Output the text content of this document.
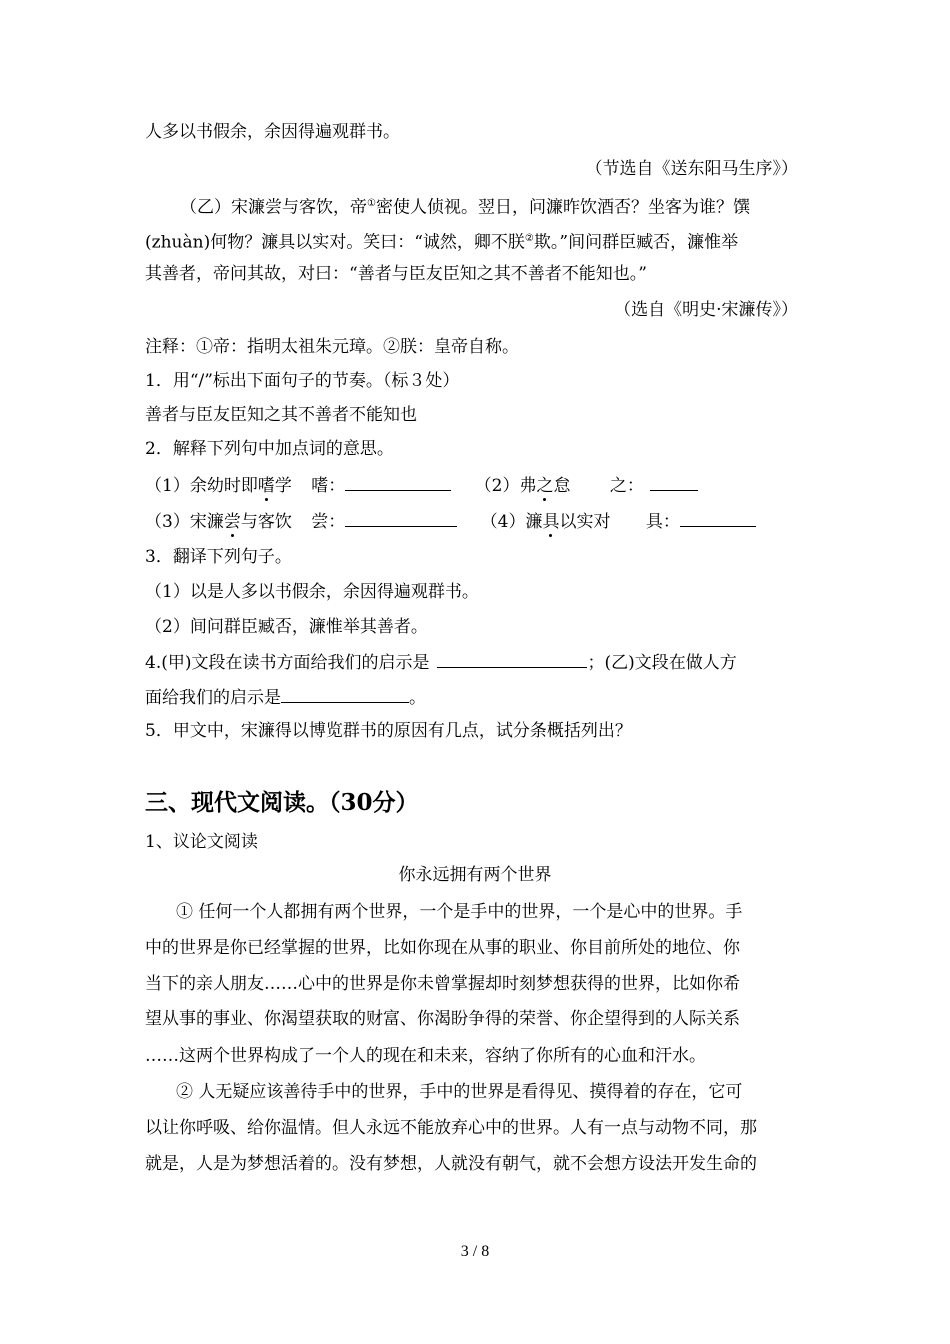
人多以书假余，余因得遍观群书。
（节选自《送东阳马生序》）
（乙）宋濂尝与客饮，帝①密使人侦视。翌日，问濂昨饮酒否？坐客为谁？馔
(zhuàn)何物？濂具以实对。笑曰：“诚然，卿不朕②欺。”间问群臣臧否，濂惟举
其善者，帝问其故，对曰：“善者与臣友臣知之其不善者不能知也。”
（选自《明史·宋濂传》）
注释：①帝：指明太祖朱元璋。②朕：皇帝自称。
1．用“/”标出下面句子的节奏。（标３处）
善者与臣友臣知之其不善者不能知也
2．解释下列句中加点词的意思。
（1）余幼时即嗜学 嗜：	（2）弗之怠 之：
（3）宋濂尝与客饮 尝：	（4）濂具以实对 具：
3．翻译下列句子。
（1）以是人多以书假余，余因得遍观群书。
（2）间问群臣臧否，濂惟举其善者。
4.(甲)文段在读书方面给我们的启示是	；(乙)文段在做人方
面给我们的启示是	。
5．甲文中，宋濂得以博览群书的原因有几点，试分条概括列出？
三、现代文阅读。（30分）
1、议论文阅读
你永远拥有两个世界
① 任何一个人都拥有两个世界，一个是手中的世界，一个是心中的世界。手
中的世界是你已经掌握的世界，比如你现在从事的职业、你目前所处的地位、你
当下的亲人朋友……心中的世界是你未曾掌握却时刻梦想获得的世界，比如你希
望从事的事业、你渴望获取的财富、你渴盼争得的荣誉、你企望得到的人际关系
……这两个世界构成了一个人的现在和未来，容纳了你所有的心血和汗水。
② 人无疑应该善待手中的世界，手中的世界是看得见、摸得着的存在，它可
以让你呼吸、给你温情。但人永远不能放弃心中的世界。人有一点与动物不同，那
就是，人是为梦想活着的。没有梦想，人就没有朝气，就不会想方设法开发生命的
3 / 8
